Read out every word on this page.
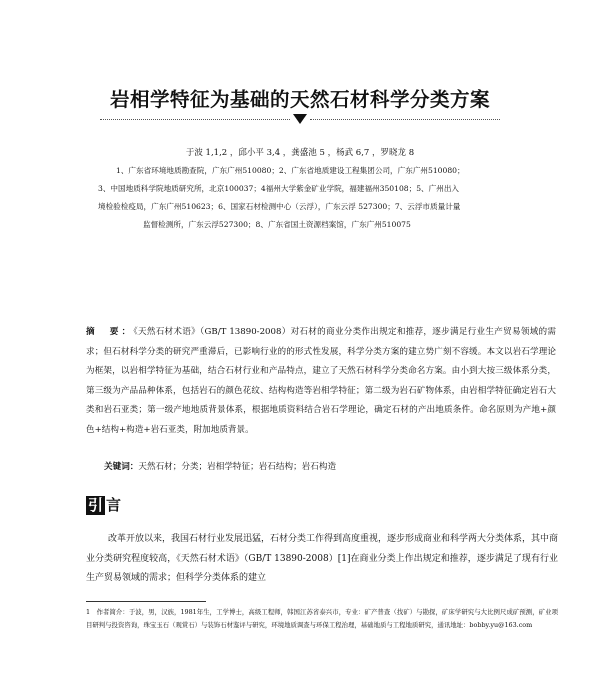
岩相学特征为基础的天然石材科学分类方案
于波 1,1,2 ，邱小平 3,4 ，龚盛池 5 ，杨武 6,7 ，罗晓龙 8
1、广东省环境地质勘查院，广东广州510080；2、广东省地质建设工程集团公司，广东广州510080；
3、中国地质科学院地质研究所，北京100037；4福州大学紫金矿业学院，福建福州350108；5、广州出入
境检验检疫局，广东广州510623；6、国家石材检测中心（云浮），广东云浮 527300；7、云浮市质量计量
监督检测所，广东云浮527300；8、广东省国土资源档案馆，广东广州510075
摘　要：《天然石材术语》（GB/T 13890-2008）对石材的商业分类作出规定和推荐，逐步满足行业生产贸易领域的需求；但石材科学分类的研究严重滞后，已影响行业的的形式性发展，科学分类方案的建立势广刻不容缓。本文以岩石学理论为框架，以岩相学特征为基础，结合石材行业和产品特点，建立了天然石材科学分类命名方案。由小到大按三级体系分类，第三级为产品品种体系，包括岩石的颜色花纹、结构构造等岩相学特征；第二级为岩石矿物体系，由岩相学特征确定岩石大类和岩石亚类；第一级产地地质背景体系，根据地质资料结合岩石学理论，确定石材的产出地质条件。命名原则为产地+颜色+结构+构造+岩石亚类，附加地质背景。
关键词：天然石材；分类；岩相学特征；岩石结构；岩石构造
引 言
改革开放以来，我国石材行业发展迅猛，石材分类工作得到高度重视，逐步形成商业和科学两大分类体系，其中商业分类研究程度较高，《天然石材术语》（GB/T 13890-2008）[1]在商业分类上作出规定和推荐，逐步满足了现有行业生产贸易领域的需求；但科学分类体系的建立
1　作者简介：于波，男，汉族，1981年生，工学博士，高级工程师，韩国江苏省泰兴市，专业：矿产普查（找矿）与勘探，矿床学研究与大比例尺成矿预测，矿业项目研判与投资咨询，珠宝玉石（观赏石）与装饰石材鉴评与研究，环境地质调查与环保工程治理，基础地质与工程地质研究，通讯地址：bobby.yu@163.com
